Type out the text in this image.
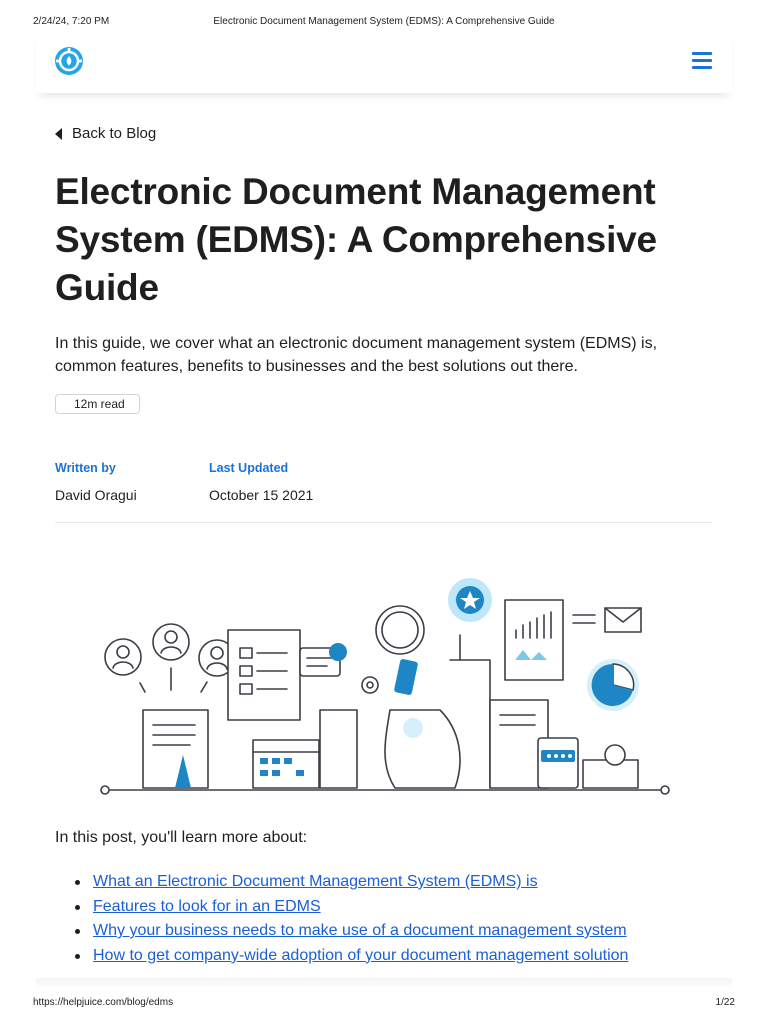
2/24/24, 7:20 PM	Electronic Document Management System (EDMS): A Comprehensive Guide
Back to Blog
Electronic Document Management System (EDMS): A Comprehensive Guide

In this guide, we cover what an electronic document management system (EDMS) is, common features, benefits to businesses and the best solutions out there.

12m read
Written by
David Oragui
Last Updated
October 15 2021

In this post, you'll learn more about:

What an Electronic Document Management System (EDMS) is
Features to look for in an EDMS
Why your business needs to make use of a document management system
How to get company-wide adoption of your document management solution
https://helpjuice.com/blog/edms	1/22
